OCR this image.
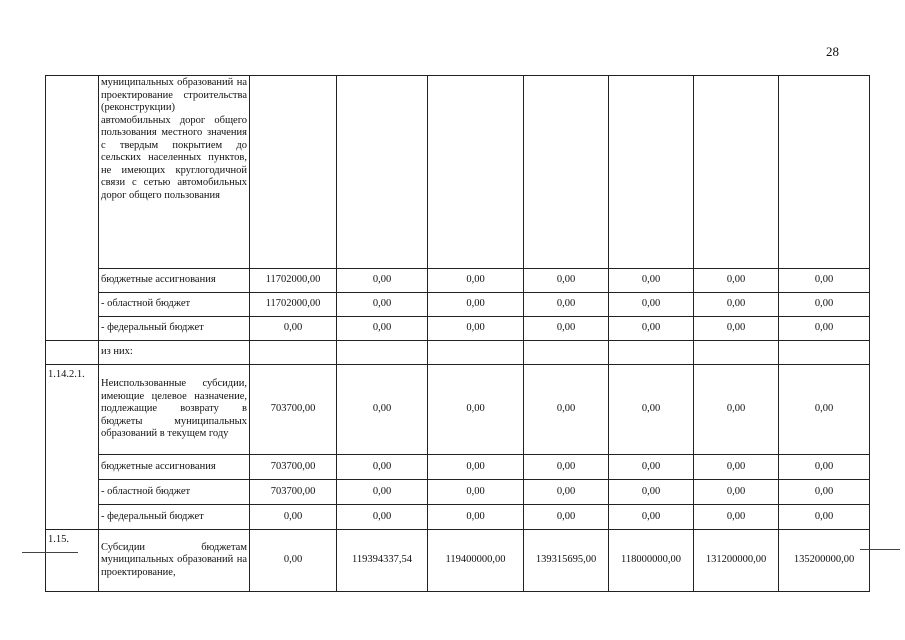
28
	муниципальных образований на проектирование строительства (реконструкции) автомобильных дорог общего пользования местного значения с твердым покрытием до сельских населенных пунктов, не имеющих круглогодичной связи с сетью автомобильных дорог общего пользования							
	бюджетные ассигнования	11702000,00	0,00	0,00	0,00	0,00	0,00	0,00
	- областной бюджет	11702000,00	0,00	0,00	0,00	0,00	0,00	0,00
	- федеральный бюджет	0,00	0,00	0,00	0,00	0,00	0,00	0,00
	из них:							
1.14.2.1.	Неиспользованные субсидии, имеющие целевое назначение, подлежащие возврату в бюджеты муниципальных образований в текущем году	703700,00	0,00	0,00	0,00	0,00	0,00	0,00
	бюджетные ассигнования	703700,00	0,00	0,00	0,00	0,00	0,00	0,00
	- областной бюджет	703700,00	0,00	0,00	0,00	0,00	0,00	0,00
	- федеральный бюджет	0,00	0,00	0,00	0,00	0,00	0,00	0,00
1.15.	Субсидии бюджетам муниципальных образований на проектирование,	0,00	119394337,54	119400000,00	139315695,00	118000000,00	131200000,00	135200000,00
